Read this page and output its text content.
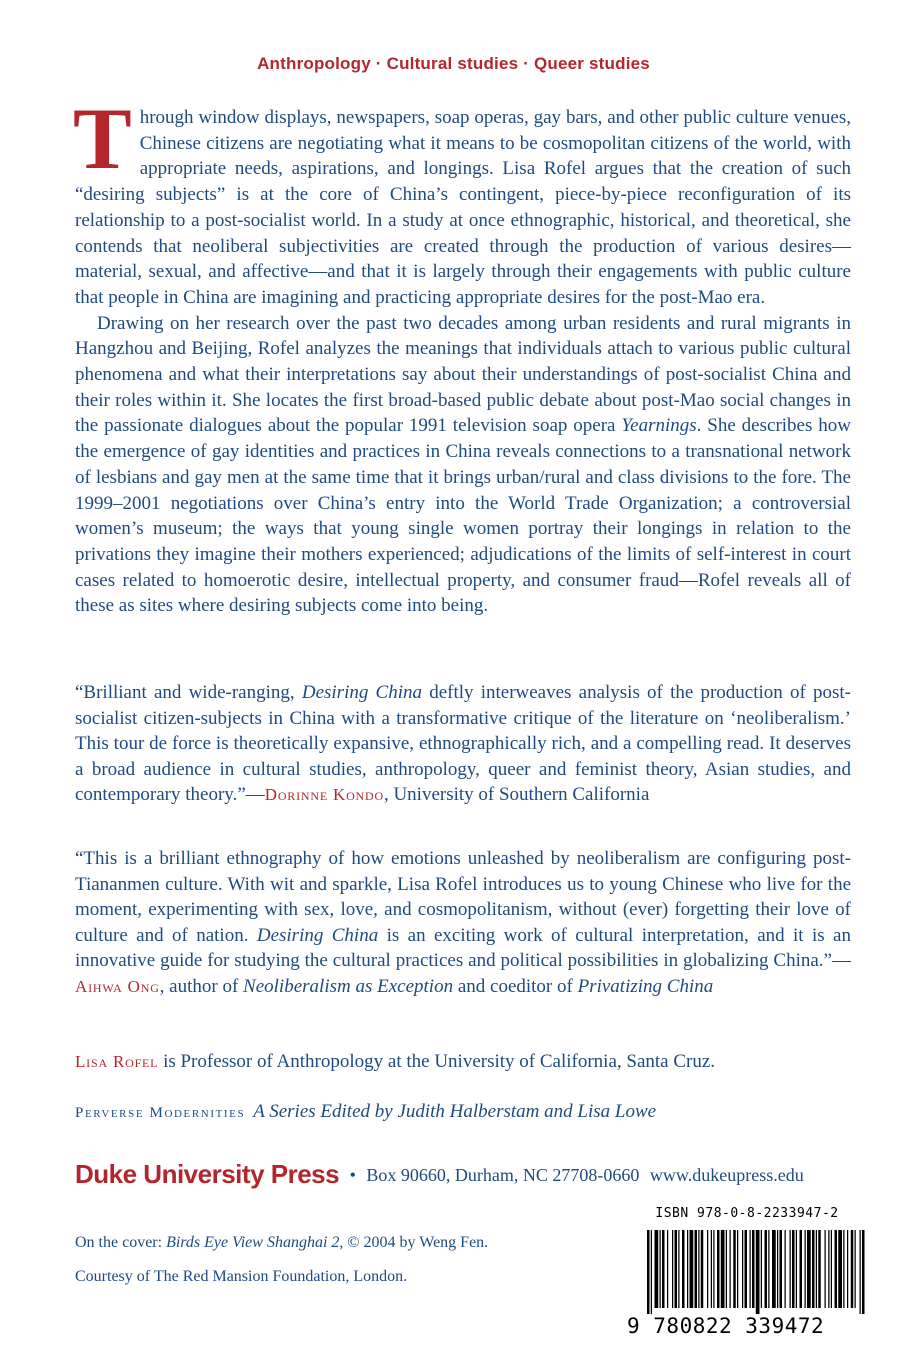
Anthropology · Cultural studies · Queer studies

Through window displays, newspapers, soap operas, gay bars, and other public culture venues, Chinese citizens are negotiating what it means to be cosmopolitan citizens of the world, with appropriate needs, aspirations, and longings. Lisa Rofel argues that the creation of such “desiring subjects” is at the core of China’s contingent, piece-by-piece reconfiguration of its relationship to a post-socialist world. In a study at once ethnographic, historical, and theoretical, she contends that neoliberal subjectivities are created through the production of various desires—material, sexual, and affective—and that it is largely through their engagements with public culture that people in China are imagining and practicing appropriate desires for the post-Mao era.

Drawing on her research over the past two decades among urban residents and rural migrants in Hangzhou and Beijing, Rofel analyzes the meanings that individuals attach to various public cultural phenomena and what their interpretations say about their understandings of post-socialist China and their roles within it. She locates the first broad-based public debate about post-Mao social changes in the passionate dialogues about the popular 1991 television soap opera Yearnings. She describes how the emergence of gay identities and practices in China reveals connections to a transnational network of lesbians and gay men at the same time that it brings urban/rural and class divisions to the fore. The 1999–2001 negotiations over China’s entry into the World Trade Organization; a controversial women’s museum; the ways that young single women portray their longings in relation to the privations they imagine their mothers experienced; adjudications of the limits of self-interest in court cases related to homoerotic desire, intellectual property, and consumer fraud—Rofel reveals all of these as sites where desiring subjects come into being.

“Brilliant and wide-ranging, Desiring China deftly interweaves analysis of the production of post-socialist citizen-subjects in China with a transformative critique of the literature on ‘neoliberalism.’ This tour de force is theoretically expansive, ethnographically rich, and a compelling read. It deserves a broad audience in cultural studies, anthropology, queer and feminist theory, Asian studies, and contemporary theory.”—Dorinne Kondo, University of Southern California

“This is a brilliant ethnography of how emotions unleashed by neoliberalism are configuring post-Tiananmen culture. With wit and sparkle, Lisa Rofel introduces us to young Chinese who live for the moment, experimenting with sex, love, and cosmopolitanism, without (ever) forgetting their love of culture and of nation. Desiring China is an exciting work of cultural interpretation, and it is an innovative guide for studying the cultural practices and political possibilities in globalizing China.”—Aihwa Ong, author of Neoliberalism as Exception and coeditor of Privatizing China

Lisa Rofel is Professor of Anthropology at the University of California, Santa Cruz.
Perverse Modernities A Series Edited by Judith Halberstam and Lisa Lowe
Duke University Press • Box 90660, Durham, NC 27708-0660 www.dukeupress.edu
On the cover: Birds Eye View Shanghai 2, © 2004 by Weng Fen.
Courtesy of The Red Mansion Foundation, London.
ISBN 978-0-8-2233947-2
9 780822 339472
